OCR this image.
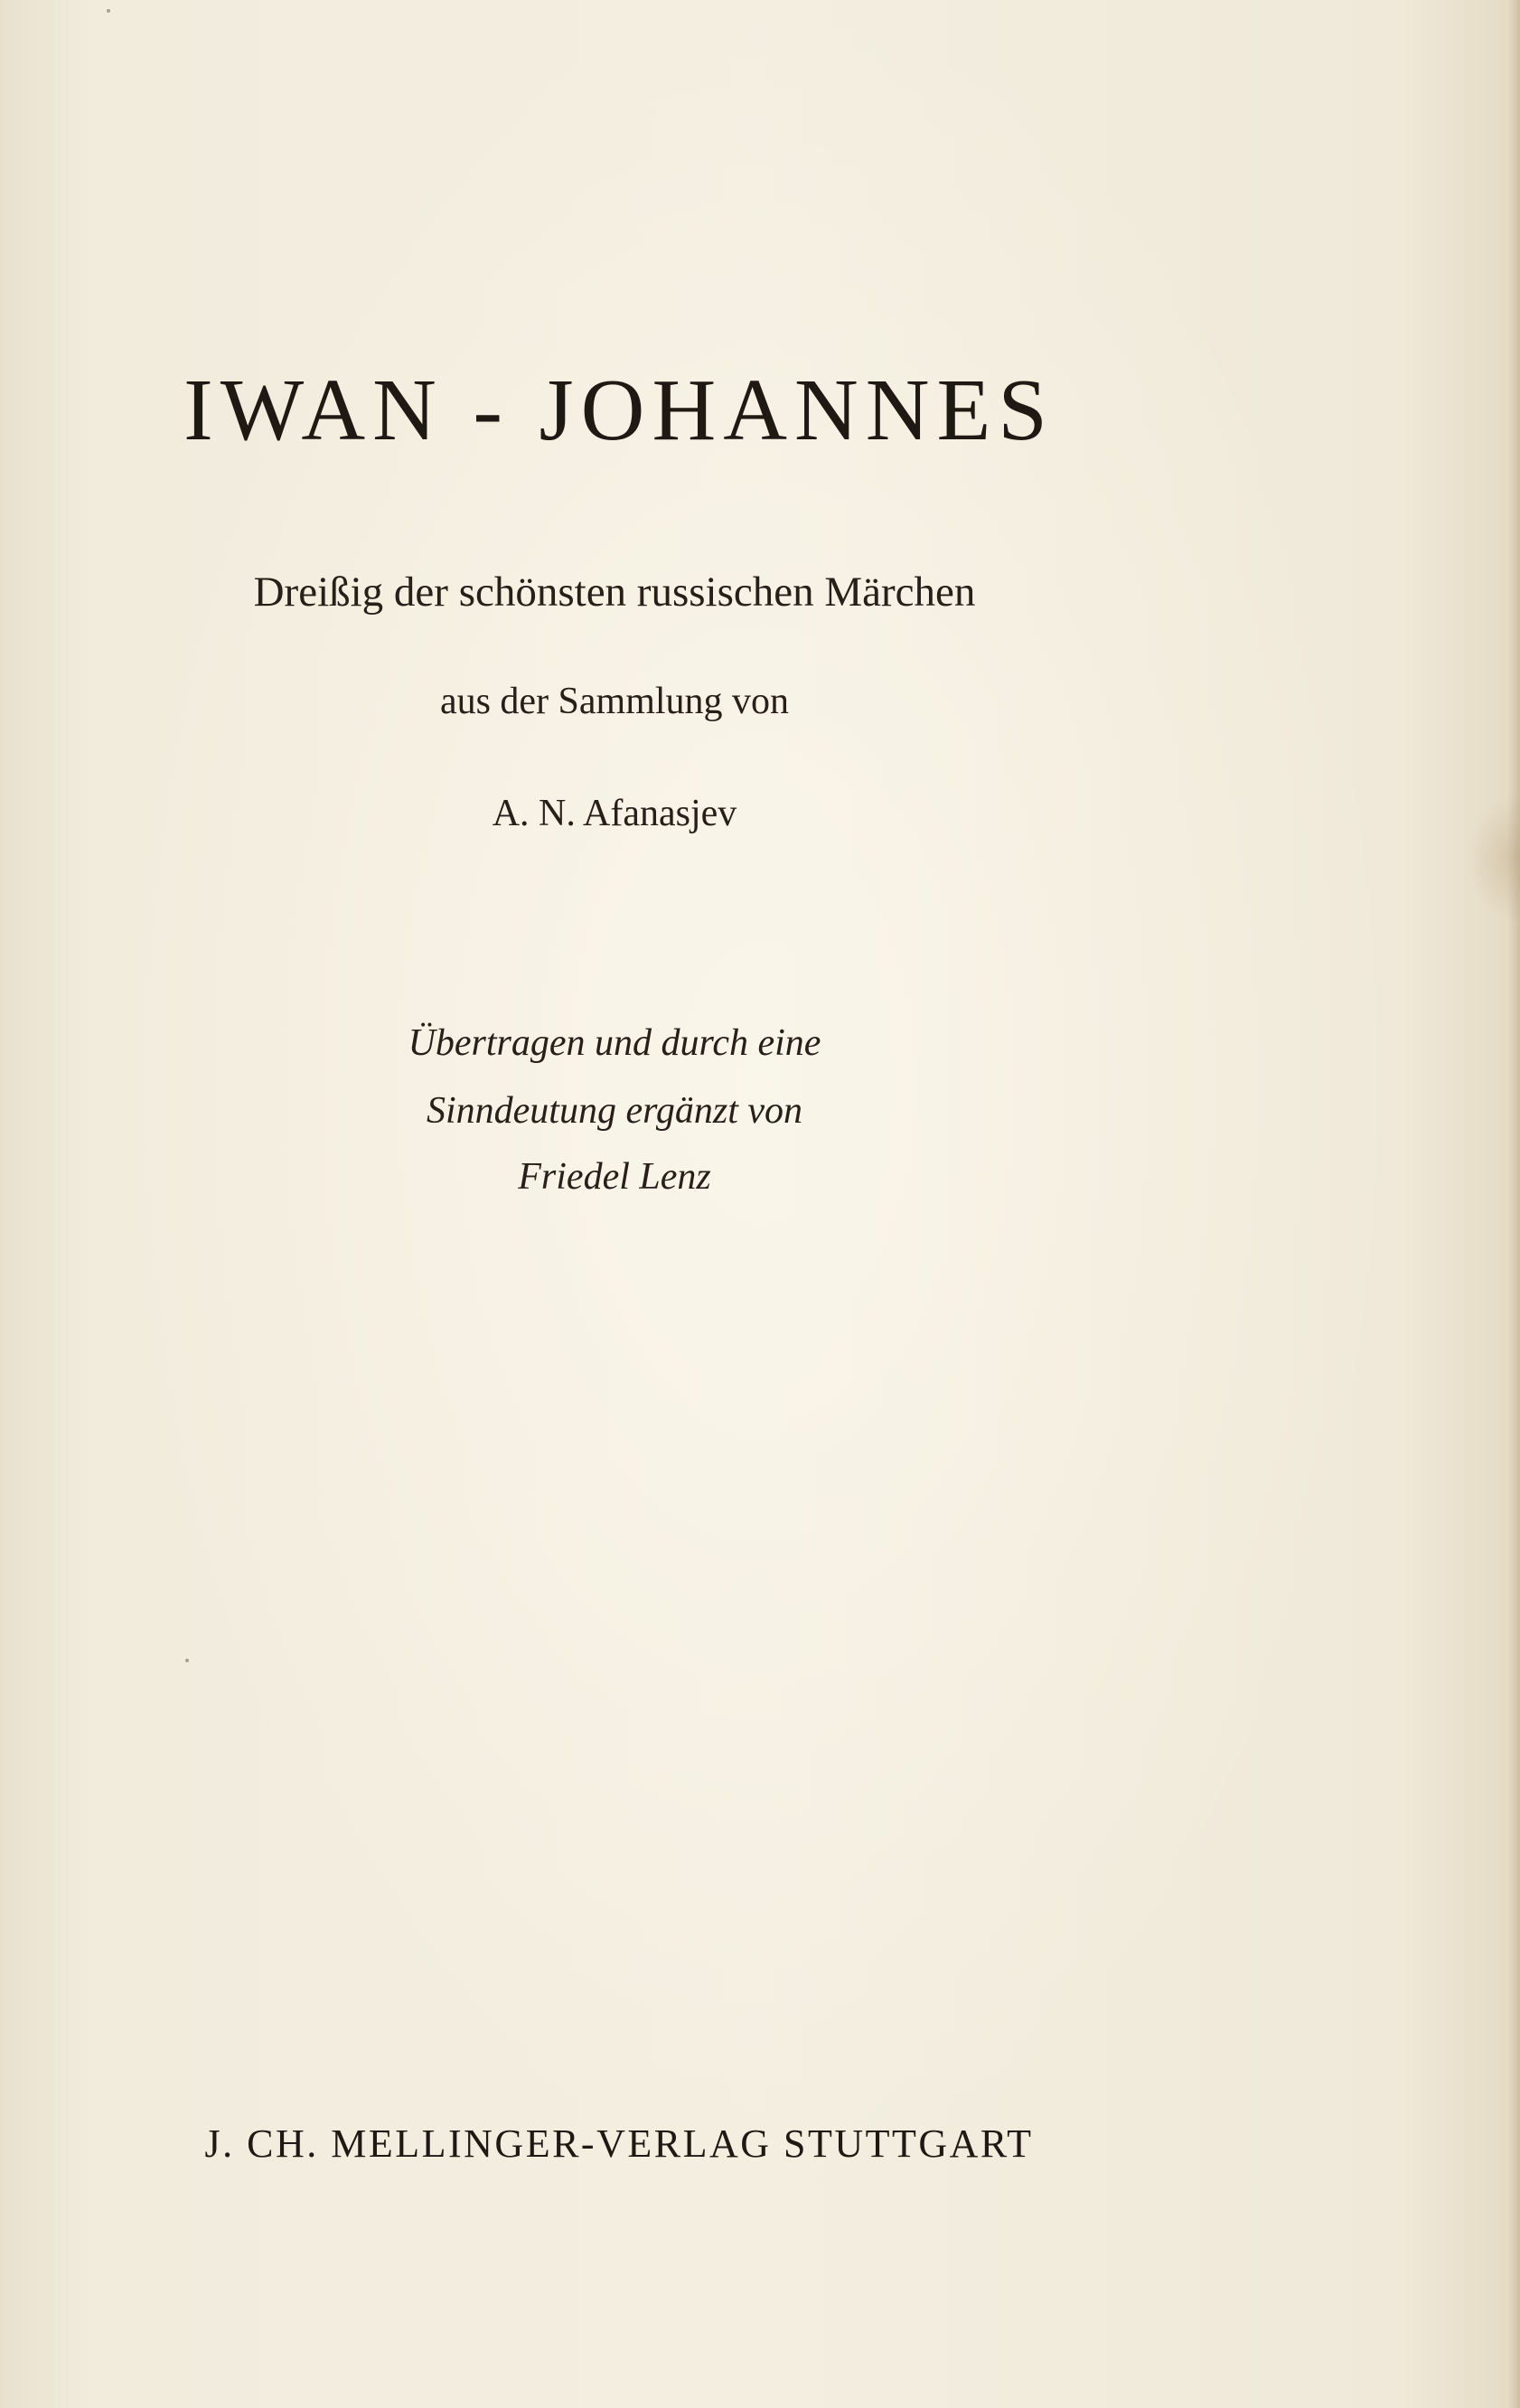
IWAN - JOHANNES
Dreißig der schönsten russischen Märchen
aus der Sammlung von
A. N. Afanasjev
Übertragen und durch eine
Sinndeutung ergänzt von
Friedel Lenz
J. CH. MELLINGER-VERLAG STUTTGART
